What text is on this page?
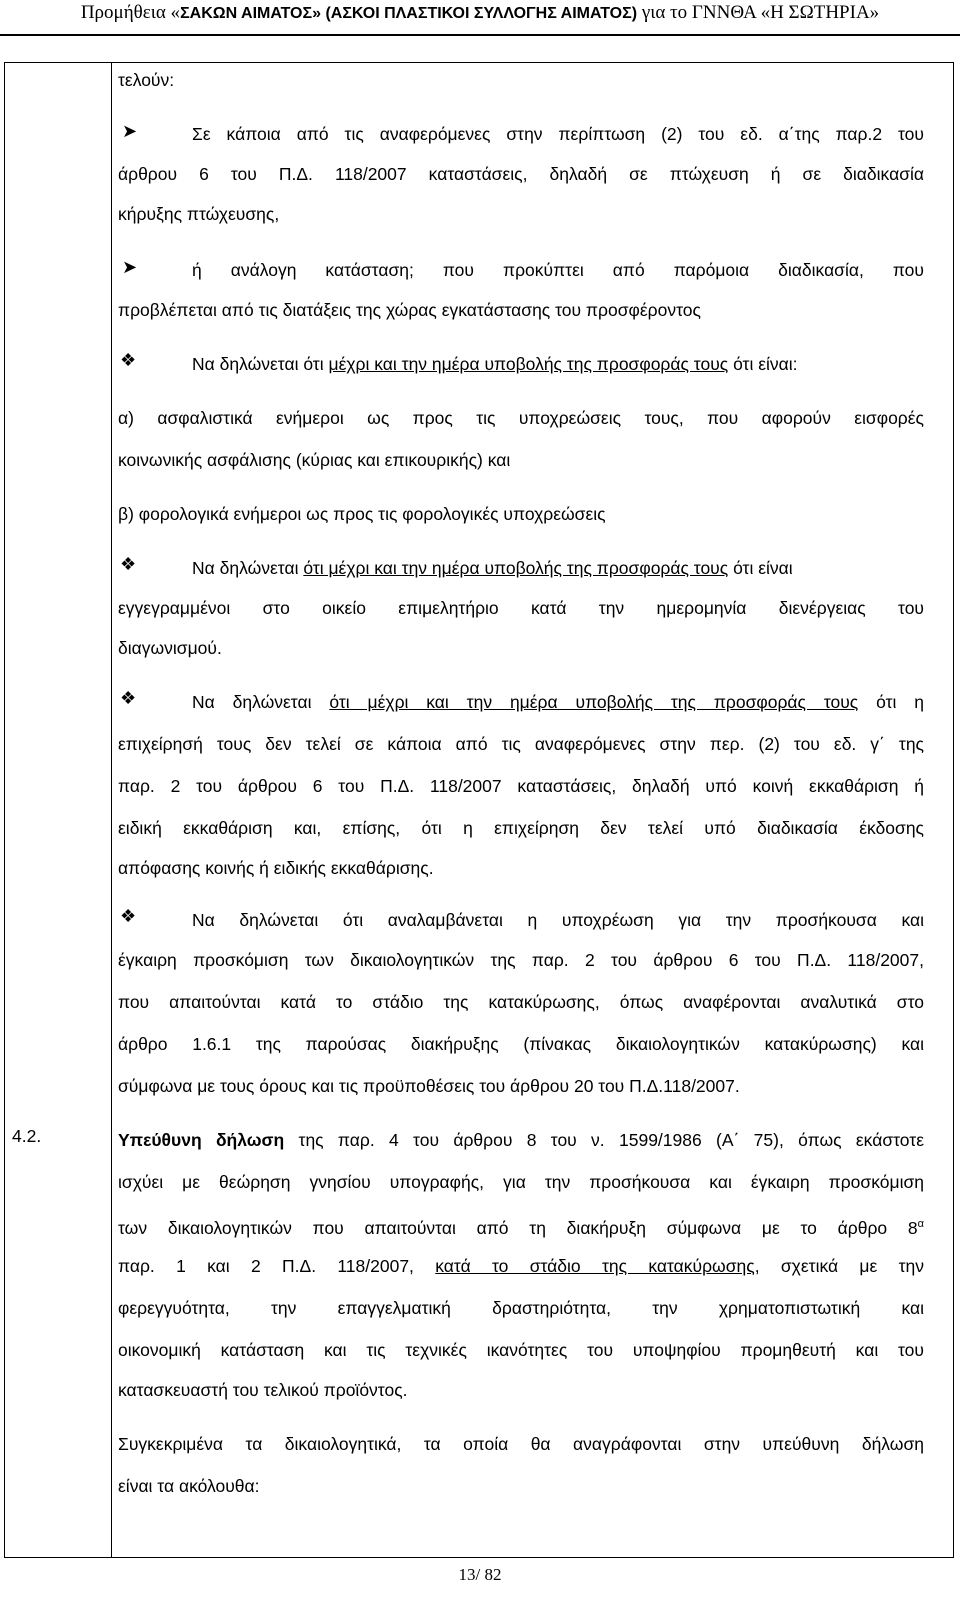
Προμήθεια «ΣΑΚΩΝ ΑΙΜΑΤΟΣ» (ΑΣΚΟΙ ΠΛΑΣΤΙΚΟΙ ΣΥΛΛΟΓΗΣ ΑΙΜΑΤΟΣ) για το ΓΝΝΘΑ «Η ΣΩΤΗΡΙΑ»
τελούν:
➤	Σε κάποια από τις αναφερόμενες στην περίπτωση (2) του εδ. α΄της παρ.2 του
άρθρου 6 του Π.Δ. 118/2007 καταστάσεις, δηλαδή σε πτώχευση ή σε διαδικασία
κήρυξης πτώχευσης,
➤	ή ανάλογη κατάσταση; που προκύπτει από παρόμοια διαδικασία, που
προβλέπεται από τις διατάξεις της χώρας εγκατάστασης του προσφέροντος
❖	Να δηλώνεται ότι μέχρι και την ημέρα υποβολής της προσφοράς τους ότι είναι:
α) ασφαλιστικά ενήμεροι ως προς τις υποχρεώσεις τους, που αφορούν εισφορές
κοινωνικής ασφάλισης (κύριας και επικουρικής) και
β) φορολογικά ενήμεροι ως προς τις φορολογικές υποχρεώσεις
❖	Να δηλώνεται ότι μέχρι και την ημέρα υποβολής της προσφοράς τους ότι είναι
εγγεγραμμένοι στο οικείο επιμελητήριο κατά την ημερομηνία διενέργειας του
διαγωνισμού.
❖	Να δηλώνεται ότι μέχρι και την ημέρα υποβολής της προσφοράς τους ότι η
επιχείρησή τους δεν τελεί σε κάποια από τις αναφερόμενες στην περ. (2) του εδ. γ΄ της
παρ. 2 του άρθρου 6 του Π.Δ. 118/2007 καταστάσεις, δηλαδή υπό κοινή εκκαθάριση ή
ειδική εκκαθάριση και, επίσης, ότι η επιχείρηση δεν τελεί υπό διαδικασία έκδοσης
απόφασης κοινής ή ειδικής εκκαθάρισης.
❖	Να δηλώνεται ότι αναλαμβάνεται η υποχρέωση για την προσήκουσα και
έγκαιρη προσκόμιση των δικαιολογητικών της παρ. 2 του άρθρου 6 του Π.Δ. 118/2007,
που απαιτούνται κατά το στάδιο της κατακύρωσης, όπως αναφέρονται αναλυτικά στο
άρθρο 1.6.1 της παρούσας διακήρυξης (πίνακας δικαιολογητικών κατακύρωσης) και
σύμφωνα με τους όρους και τις προϋποθέσεις του άρθρου 20 του Π.Δ.118/2007.
4.2.	Υπεύθυνη δήλωση της παρ. 4 του άρθρου 8 του ν. 1599/1986 (Α΄ 75), όπως εκάστοτε
ισχύει με θεώρηση γνησίου υπογραφής, για την προσήκουσα και έγκαιρη προσκόμιση
των δικαιολογητικών που απαιτούνται από τη διακήρυξη σύμφωνα με το άρθρο $8^\alpha$
παρ. 1 και 2 Π.Δ. 118/2007, κατά το στάδιο της κατακύρωσης, σχετικά με την
φερεγγυότητα, την επαγγελματική δραστηριότητα, την χρηματοπιστωτική και
οικονομική κατάσταση και τις τεχνικές ικανότητες του υποψηφίου προμηθευτή και του
κατασκευαστή του τελικού προϊόντος.
Συγκεκριμένα τα δικαιολογητικά, τα οποία θα αναγράφονται στην υπεύθυνη δήλωση
είναι τα ακόλουθα:
13/ 82
